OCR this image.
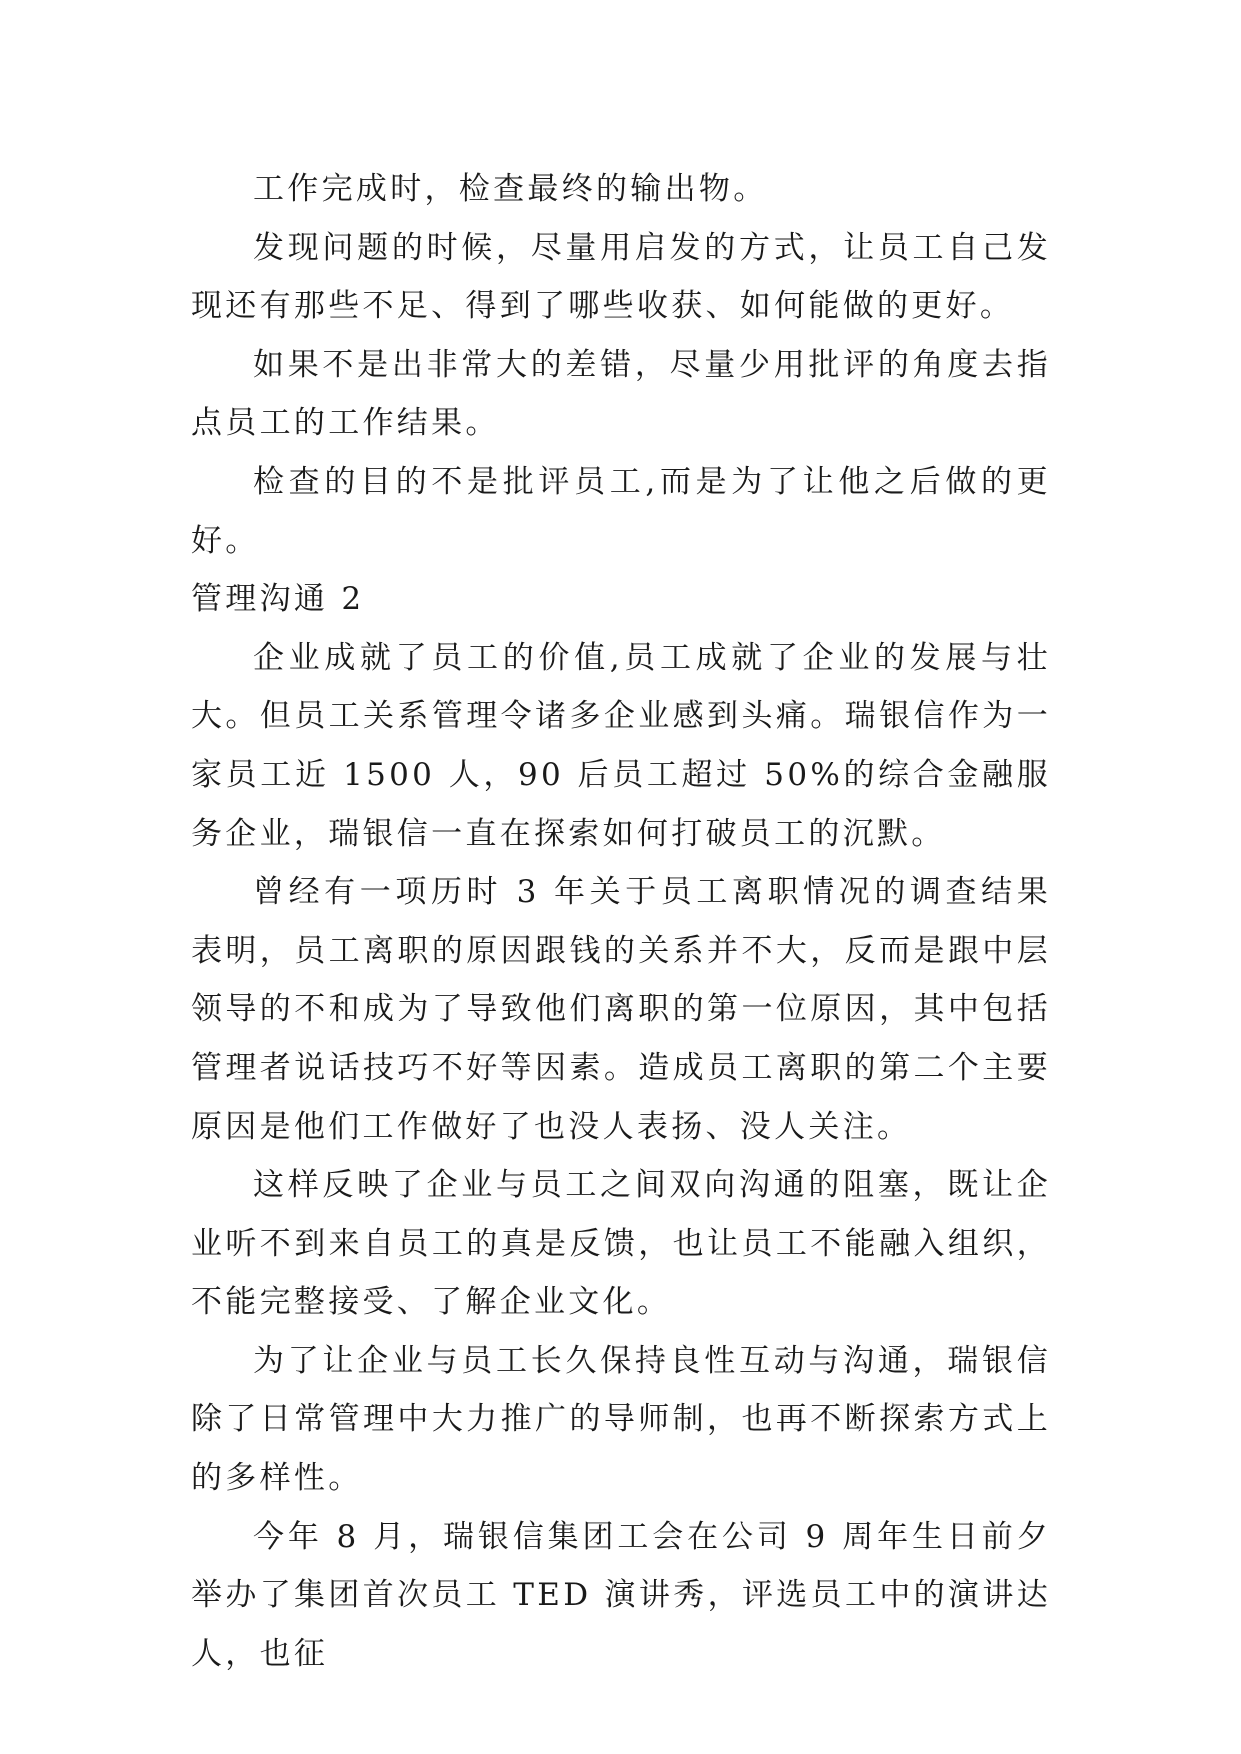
工作完成时，检查最终的输出物。

发现问题的时候，尽量用启发的方式，让员工自己发现还有那些不足、得到了哪些收获、如何能做的更好。

如果不是出非常大的差错，尽量少用批评的角度去指点员工的工作结果。

检查的目的不是批评员工,而是为了让他之后做的更好。

管理沟通 2

企业成就了员工的价值,员工成就了企业的发展与壮大。但员工关系管理令诸多企业感到头痛。瑞银信作为一家员工近 1500 人，90 后员工超过 50%的综合金融服务企业，瑞银信一直在探索如何打破员工的沉默。

曾经有一项历时 3 年关于员工离职情况的调查结果表明，员工离职的原因跟钱的关系并不大，反而是跟中层领导的不和成为了导致他们离职的第一位原因，其中包括管理者说话技巧不好等因素。造成员工离职的第二个主要原因是他们工作做好了也没人表扬、没人关注。

这样反映了企业与员工之间双向沟通的阻塞，既让企业听不到来自员工的真是反馈，也让员工不能融入组织，不能完整接受、了解企业文化。

为了让企业与员工长久保持良性互动与沟通，瑞银信除了日常管理中大力推广的导师制，也再不断探索方式上的多样性。

今年 8 月，瑞银信集团工会在公司 9 周年生日前夕举办了集团首次员工 TED 演讲秀，评选员工中的演讲达人，也征
